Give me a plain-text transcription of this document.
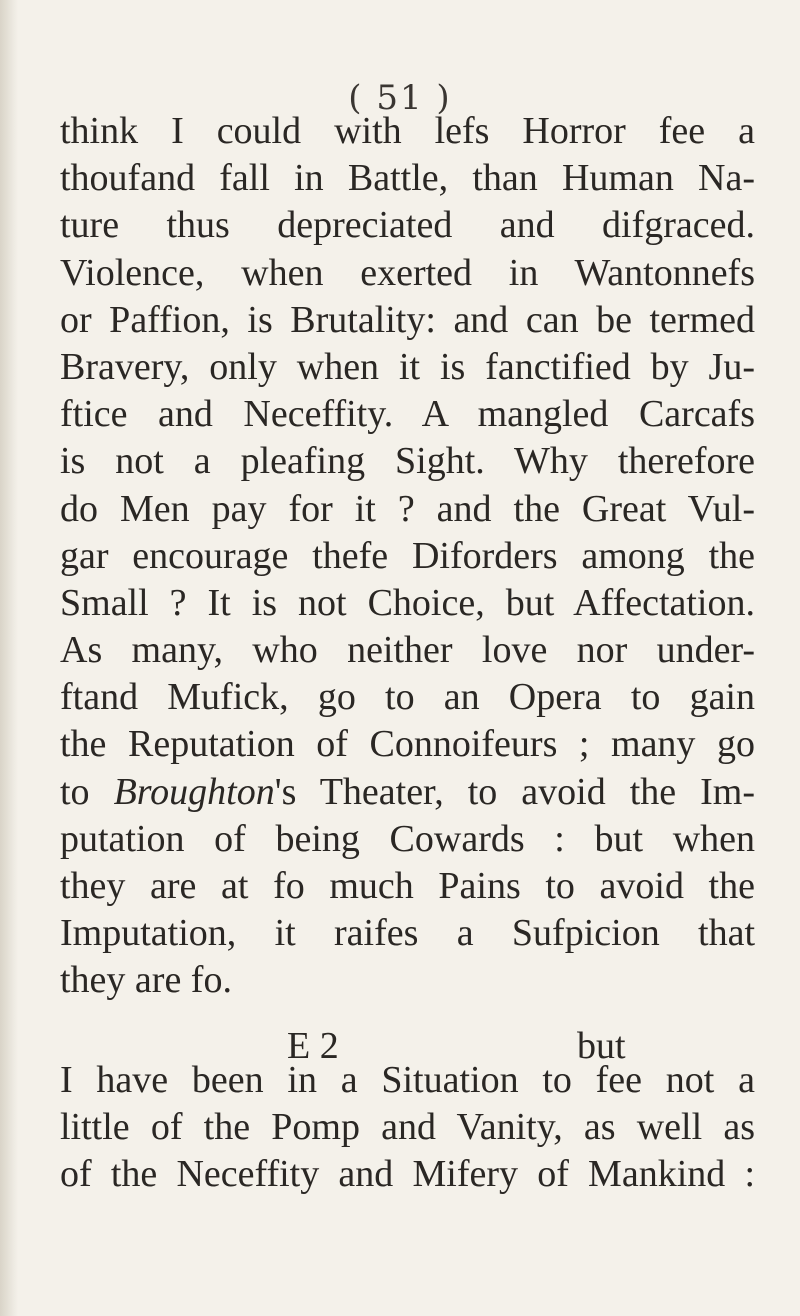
( 51 )
think I could with lefs Horror fee a
thoufand fall in Battle, than Human Na-
ture thus depreciated and difgraced.
Violence, when exerted in Wantonnefs
or Paffion, is Brutality: and can be termed
Bravery, only when it is fanctified by Ju-
ftice and Neceffity. A mangled Carcafs
is not a pleafing Sight. Why therefore
do Men pay for it ? and the Great Vul-
gar encourage thefe Diforders among the
Small ? It is not Choice, but Affectation.
As many, who neither love nor under-
ftand Mufick, go to an Opera to gain
the Reputation of Connoifeurs ; many go
to Broughton's Theater, to avoid the Im-
putation of being Cowards : but when
they are at fo much Pains to avoid the
Imputation, it raifes a Sufpicion that
they are fo.
I have been in a Situation to fee not a
little of the Pomp and Vanity, as well as
of the Neceffity and Mifery of Mankind :
E 2	but
